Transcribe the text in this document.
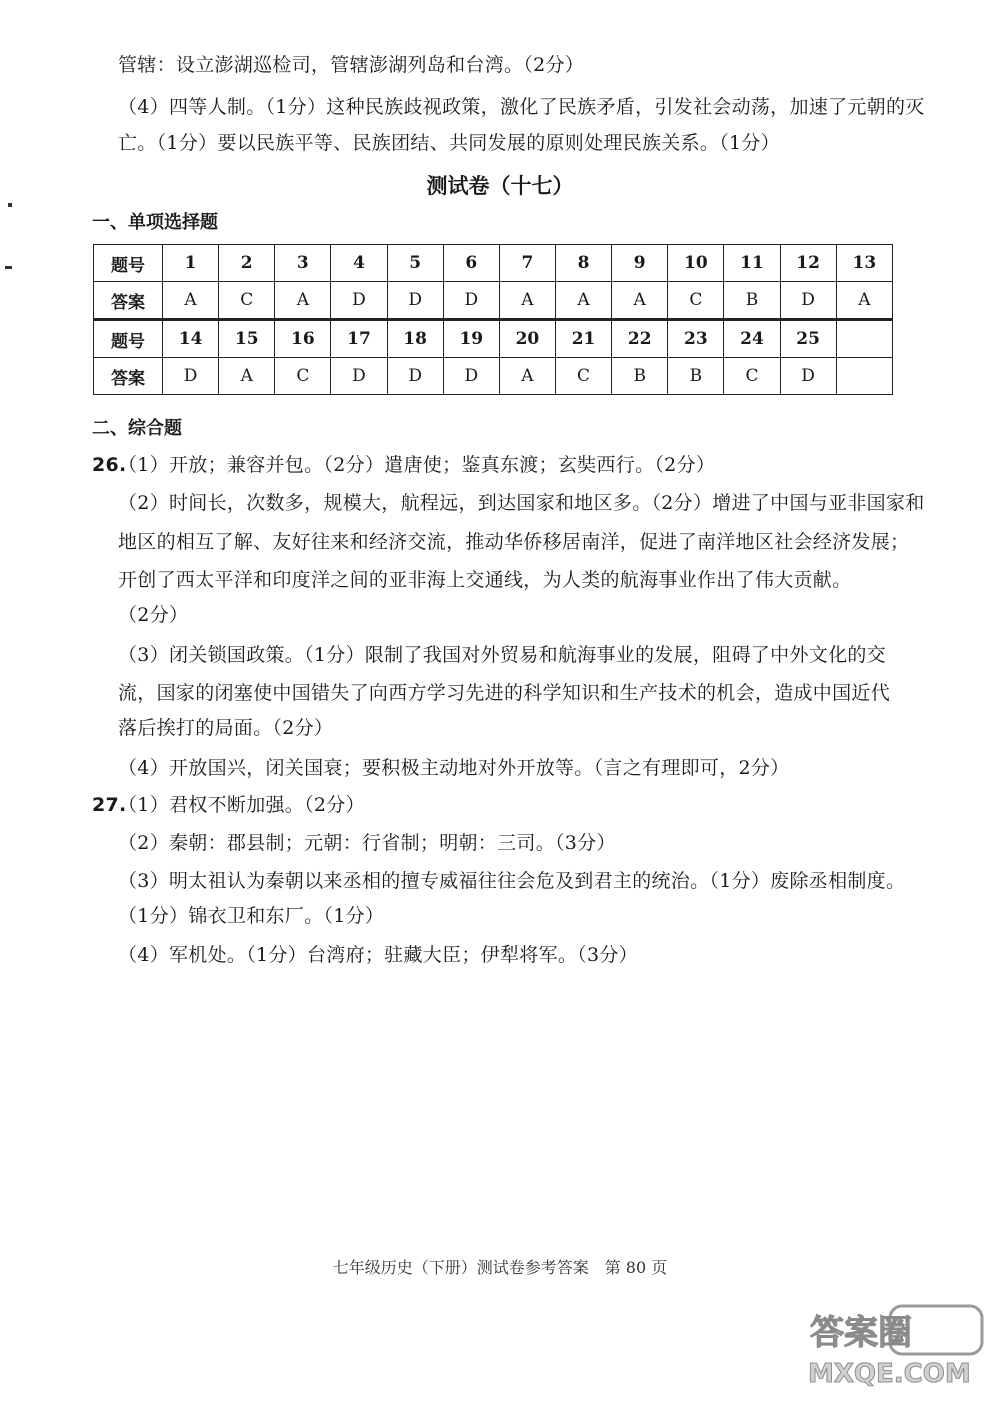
管辖：设立澎湖巡检司，管辖澎湖列岛和台湾。（2分）
（4）四等人制。（1分）这种民族歧视政策，激化了民族矛盾，引发社会动荡，加速了元朝的灭
亡。（1分）要以民族平等、民族团结、共同发展的原则处理民族关系。（1分）
测试卷（十七）
一、单项选择题
题号	1	2	3	4	5	6	7	8	9	10	11	12	13
答案	A	C	A	D	D	D	A	A	A	C	B	D	A
题号	14	15	16	17	18	19	20	21	22	23	24	25	
答案	D	A	C	D	D	D	A	C	B	B	C	D	
二、综合题
26.
（1）开放；兼容并包。（2分）遣唐使；鉴真东渡；玄奘西行。（2分）
（2）时间长，次数多，规模大，航程远，到达国家和地区多。（2分）增进了中国与亚非国家和
地区的相互了解、友好往来和经济交流，推动华侨移居南洋，促进了南洋地区社会经济发展；
开创了西太平洋和印度洋之间的亚非海上交通线，为人类的航海事业作出了伟大贡献。
（2分）
（3）闭关锁国政策。（1分）限制了我国对外贸易和航海事业的发展，阻碍了中外文化的交
流，国家的闭塞使中国错失了向西方学习先进的科学知识和生产技术的机会，造成中国近代
落后挨打的局面。（2分）
（4）开放国兴，闭关国衰；要积极主动地对外开放等。（言之有理即可，2分）
27.
（1）君权不断加强。（2分）
（2）秦朝：郡县制；元朝：行省制；明朝：三司。（3分）
（3）明太祖认为秦朝以来丞相的擅专威福往往会危及到君主的统治。（1分）废除丞相制度。
（1分）锦衣卫和东厂。（1分）
（4）军机处。（1分）台湾府；驻藏大臣；伊犁将军。（3分）
七年级历史（下册）测试卷参考答案　第 80 页
答案圈
MXQE.COM
